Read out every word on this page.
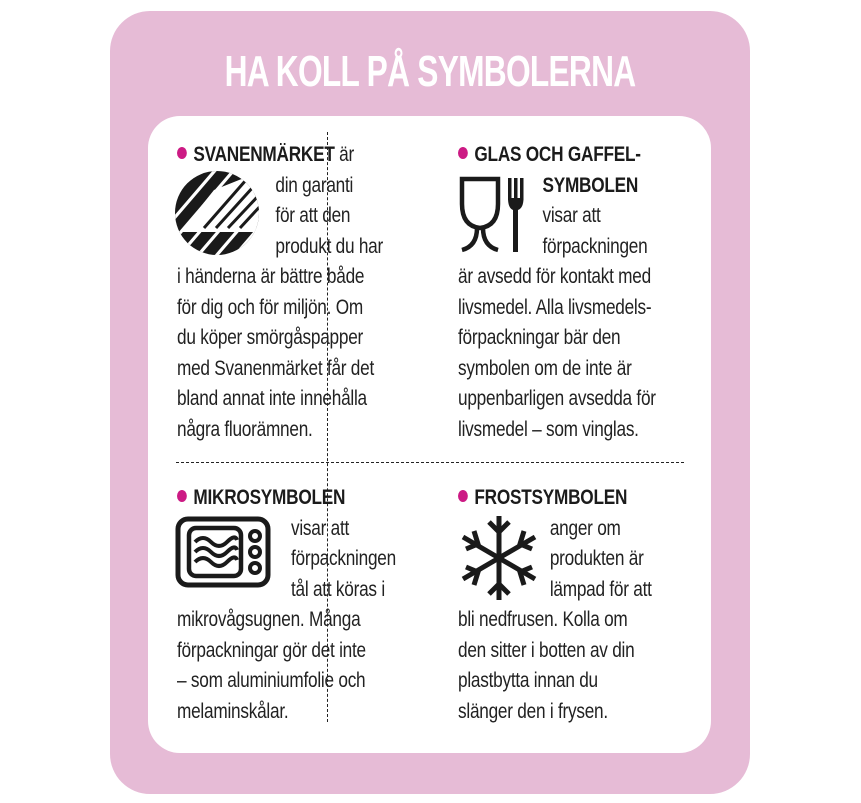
HA KOLL PÅ SYMBOLERNA
SVANENMÄRKET är
din garanti
för att den
produkt du har
i händerna är bättre både
för dig och för miljön. Om
du köper smörgåspapper
med Svanenmärket får det
bland annat inte innehålla
några fluorämnen.
GLAS OCH GAFFEL-
SYMBOLEN
visar att
förpackningen
är avsedd för kontakt med
livsmedel. Alla livsmedels-
förpackningar bär den
symbolen om de inte är
uppenbarligen avsedda för
livsmedel – som vinglas.
MIKROSYMBOLEN
visar att
förpackningen
tål att köras i
mikrovågsugnen. Många
förpackningar gör det inte
– som aluminiumfolie och
melaminskålar.
FROSTSYMBOLEN
anger om
produkten är
lämpad för att
bli nedfrusen. Kolla om
den sitter i botten av din
plastbytta innan du
slänger den i frysen.
